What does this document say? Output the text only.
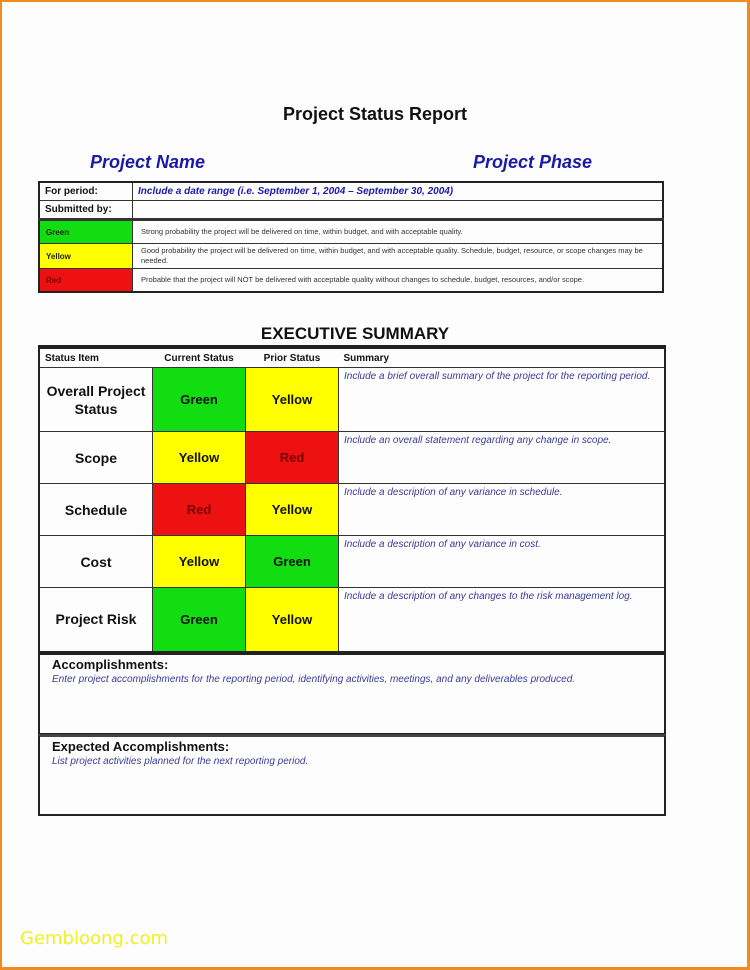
Project Status Report
Project Name	Project Phase
For period:	Include a date range (i.e. September 1, 2004 – September 30, 2004)
Submitted by:	
Green	Strong probability the project will be delivered on time, within budget, and with acceptable quality.
Yellow	Good probability the project will be delivered on time, within budget, and with acceptable quality. Schedule, budget, resource, or scope changes may be needed.
Red	Probable that the project will NOT be delivered with acceptable quality without changes to schedule, budget, resources, and/or scope.
EXECUTIVE SUMMARY
Status Item	Current Status	Prior Status	Summary
Overall Project Status	Green	Yellow	Include a brief overall summary of the project for the reporting period.
Scope	Yellow	Red	Include an overall statement regarding any change in scope.
Schedule	Red	Yellow	Include a description of any variance in schedule.
Cost	Yellow	Green	Include a description of any variance in cost.
Project Risk	Green	Yellow	Include a description of any changes to the risk management log.
Accomplishments:
Enter project accomplishments for the reporting period, identifying activities, meetings, and any deliverables produced.
Expected Accomplishments:
List project activities planned for the next reporting period.
Gembloong.com
